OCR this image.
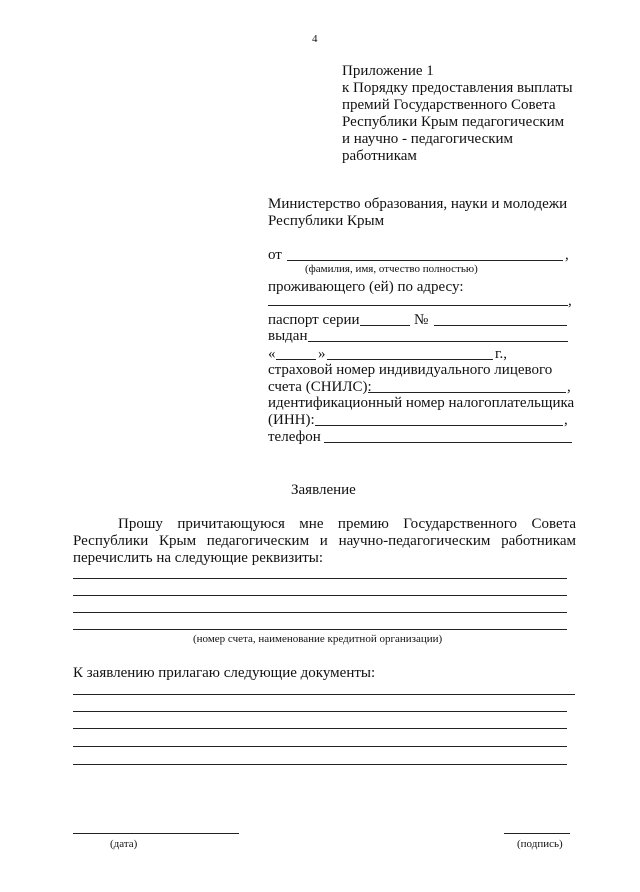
4
Приложение 1
к Порядку предоставления выплаты
премий Государственного Совета
Республики Крым педагогическим
и научно - педагогическим
работникам
Министерство образования, науки и молодежи
Республики Крым
от	,
(фамилия, имя, отчество полностью)
проживающего (ей) по адресу:
,
паспорт серии	№
выдан
«	»	г.,
страховой номер индивидуального лицевого
счета (СНИЛС):	,
идентификационный номер налогоплательщика
(ИНН):	,
телефон
Заявление
Прошу причитающуюся мне премию Государственного Совета
Республики Крым педагогическим и научно-педагогическим работникам
перечислить на следующие реквизиты:
(номер счета, наименование кредитной организации)
К заявлению прилагаю следующие документы:
(дата)	(подпись)
